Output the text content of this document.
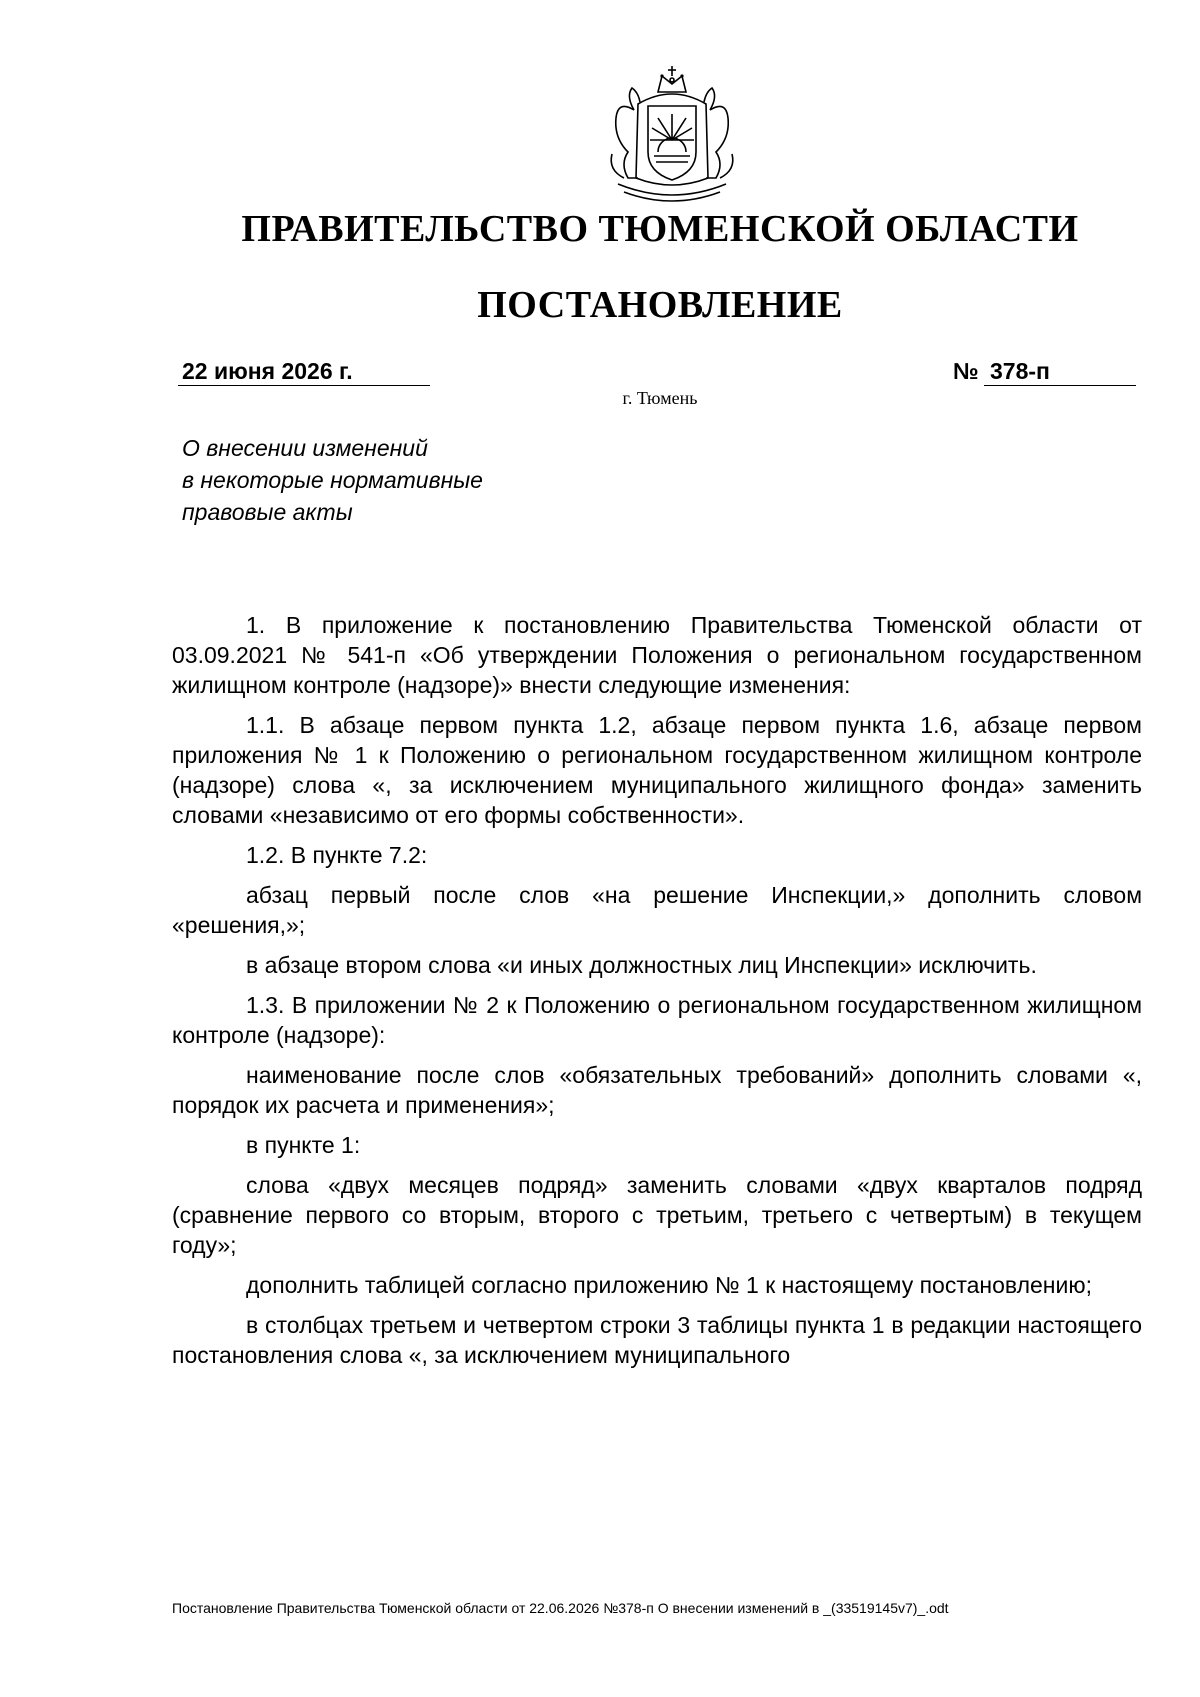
ПРАВИТЕЛЬСТВО ТЮМЕНСКОЙ ОБЛАСТИ
ПОСТАНОВЛЕНИЕ
22 июня 2026 г.	№ 378-п
г. Тюмень
О внесении изменений
в некоторые нормативные
правовые акты

1. В приложение к постановлению Правительства Тюменской области от 03.09.2021 № 541-п «Об утверждении Положения о региональном государственном жилищном контроле (надзоре)» внести следующие изменения:

1.1. В абзаце первом пункта 1.2, абзаце первом пункта 1.6, абзаце первом приложения № 1 к Положению о региональном государственном жилищном контроле (надзоре) слова «, за исключением муниципального жилищного фонда» заменить словами «независимо от его формы собственности».

1.2. В пункте 7.2:

абзац первый после слов «на решение Инспекции,» дополнить словом «решения,»;

в абзаце втором слова «и иных должностных лиц Инспекции» исключить.

1.3. В приложении № 2 к Положению о региональном государственном жилищном контроле (надзоре):

наименование после слов «обязательных требований» дополнить словами «, порядок их расчета и применения»;

в пункте 1:

слова «двух месяцев подряд» заменить словами «двух кварталов подряд (сравнение первого со вторым, второго с третьим, третьего с четвертым) в текущем году»;

дополнить таблицей согласно приложению № 1 к настоящему постановлению;

в столбцах третьем и четвертом строки 3 таблицы пункта 1 в редакции настоящего постановления слова «, за исключением муниципального

Постановление Правительства Тюменской области от 22.06.2026 №378-п О внесении изменений в _(33519145v7)_.odt
